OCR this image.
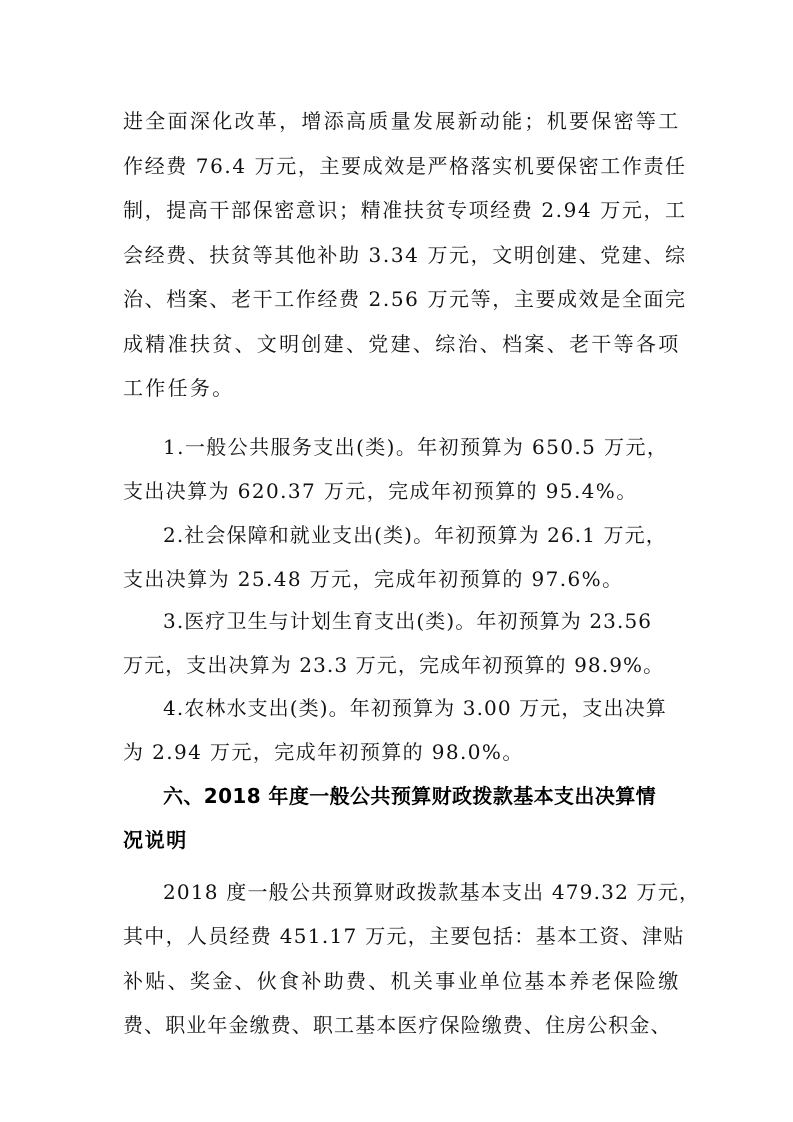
进全面深化改革，增添高质量发展新动能；机要保密等工
作经费 76.4 万元，主要成效是严格落实机要保密工作责任
制，提高干部保密意识；精准扶贫专项经费 2.94 万元，工
会经费、扶贫等其他补助 3.34 万元，文明创建、党建、综
治、档案、老干工作经费 2.56 万元等，主要成效是全面完
成精准扶贫、文明创建、党建、综治、档案、老干等各项
工作任务。
1.一般公共服务支出(类)。年初预算为 650.5 万元，
支出决算为 620.37 万元，完成年初预算的 95.4%。
2.社会保障和就业支出(类)。年初预算为 26.1 万元，
支出决算为 25.48 万元，完成年初预算的 97.6%。
3.医疗卫生与计划生育支出(类)。年初预算为 23.56
万元，支出决算为 23.3 万元，完成年初预算的 98.9%。
4.农林水支出(类)。年初预算为 3.00 万元，支出决算
为 2.94 万元，完成年初预算的 98.0%。
六、2018 年度一般公共预算财政拨款基本支出决算情
况说明
2018 度一般公共预算财政拨款基本支出 479.32 万元，
其中，人员经费 451.17 万元，主要包括：基本工资、津贴
补贴、奖金、伙食补助费、机关事业单位基本养老保险缴
费、职业年金缴费、职工基本医疗保险缴费、住房公积金、
